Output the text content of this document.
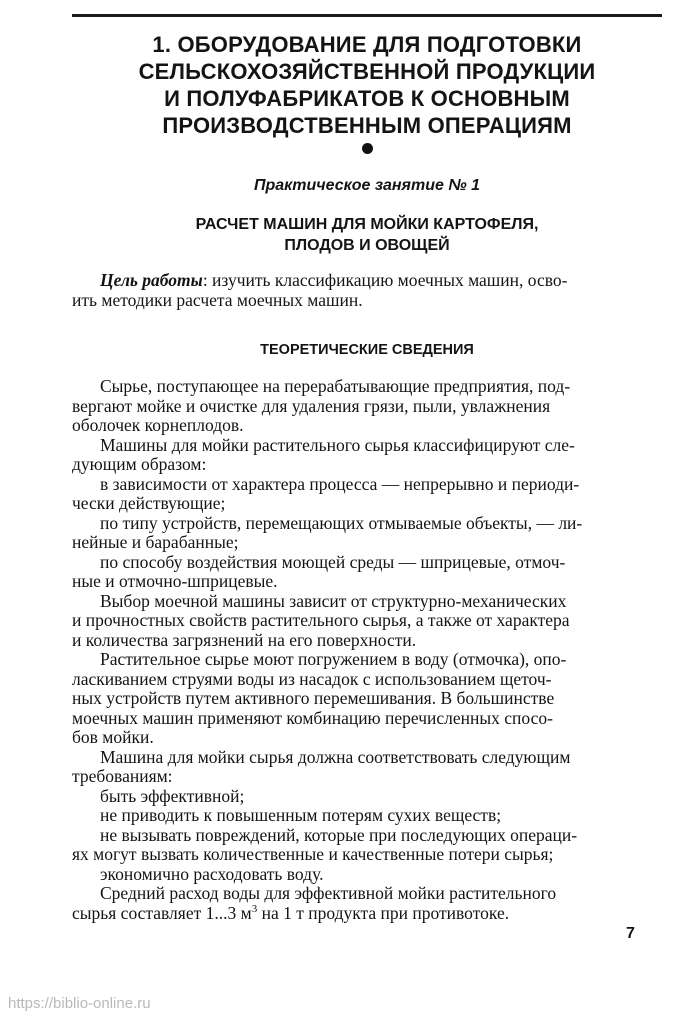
1. ОБОРУДОВАНИЕ ДЛЯ ПОДГОТОВКИ
СЕЛЬСКОХОЗЯЙСТВЕННОЙ ПРОДУКЦИИ
И ПОЛУФАБРИКАТОВ К ОСНОВНЫМ
ПРОИЗВОДСТВЕННЫМ ОПЕРАЦИЯМ
Практическое занятие № 1
РАСЧЕТ МАШИН ДЛЯ МОЙКИ КАРТОФЕЛЯ,
ПЛОДОВ И ОВОЩЕЙ
Цель работы: изучить классификацию моечных машин, осво-
ить методики расчета моечных машин.
ТЕОРЕТИЧЕСКИЕ СВЕДЕНИЯ
Сырье, поступающее на перерабатывающие предприятия, под-
вергают мойке и очистке для удаления грязи, пыли, увлажнения
оболочек корнеплодов.
Машины для мойки растительного сырья классифицируют сле-
дующим образом:
в зависимости от характера процесса — непрерывно и периоди-
чески действующие;
по типу устройств, перемещающих отмываемые объекты, — ли-
нейные и барабанные;
по способу воздействия моющей среды — шприцевые, отмоч-
ные и отмочно-шприцевые.
Выбор моечной машины зависит от структурно-механических
и прочностных свойств растительного сырья, а также от характера
и количества загрязнений на его поверхности.
Растительное сырье моют погружением в воду (отмочка), опо-
ласкиванием струями воды из насадок с использованием щеточ-
ных устройств путем активного перемешивания. В большинстве
моечных машин применяют комбинацию перечисленных спосо-
бов мойки.
Машина для мойки сырья должна соответствовать следующим
требованиям:
быть эффективной;
не приводить к повышенным потерям сухих веществ;
не вызывать повреждений, которые при последующих операци-
ях могут вызвать количественные и качественные потери сырья;
экономично расходовать воду.
Средний расход воды для эффективной мойки растительного
сырья составляет 1...3 $м^3$ на 1 т продукта при противотоке.
7
https://biblio-online.ru
